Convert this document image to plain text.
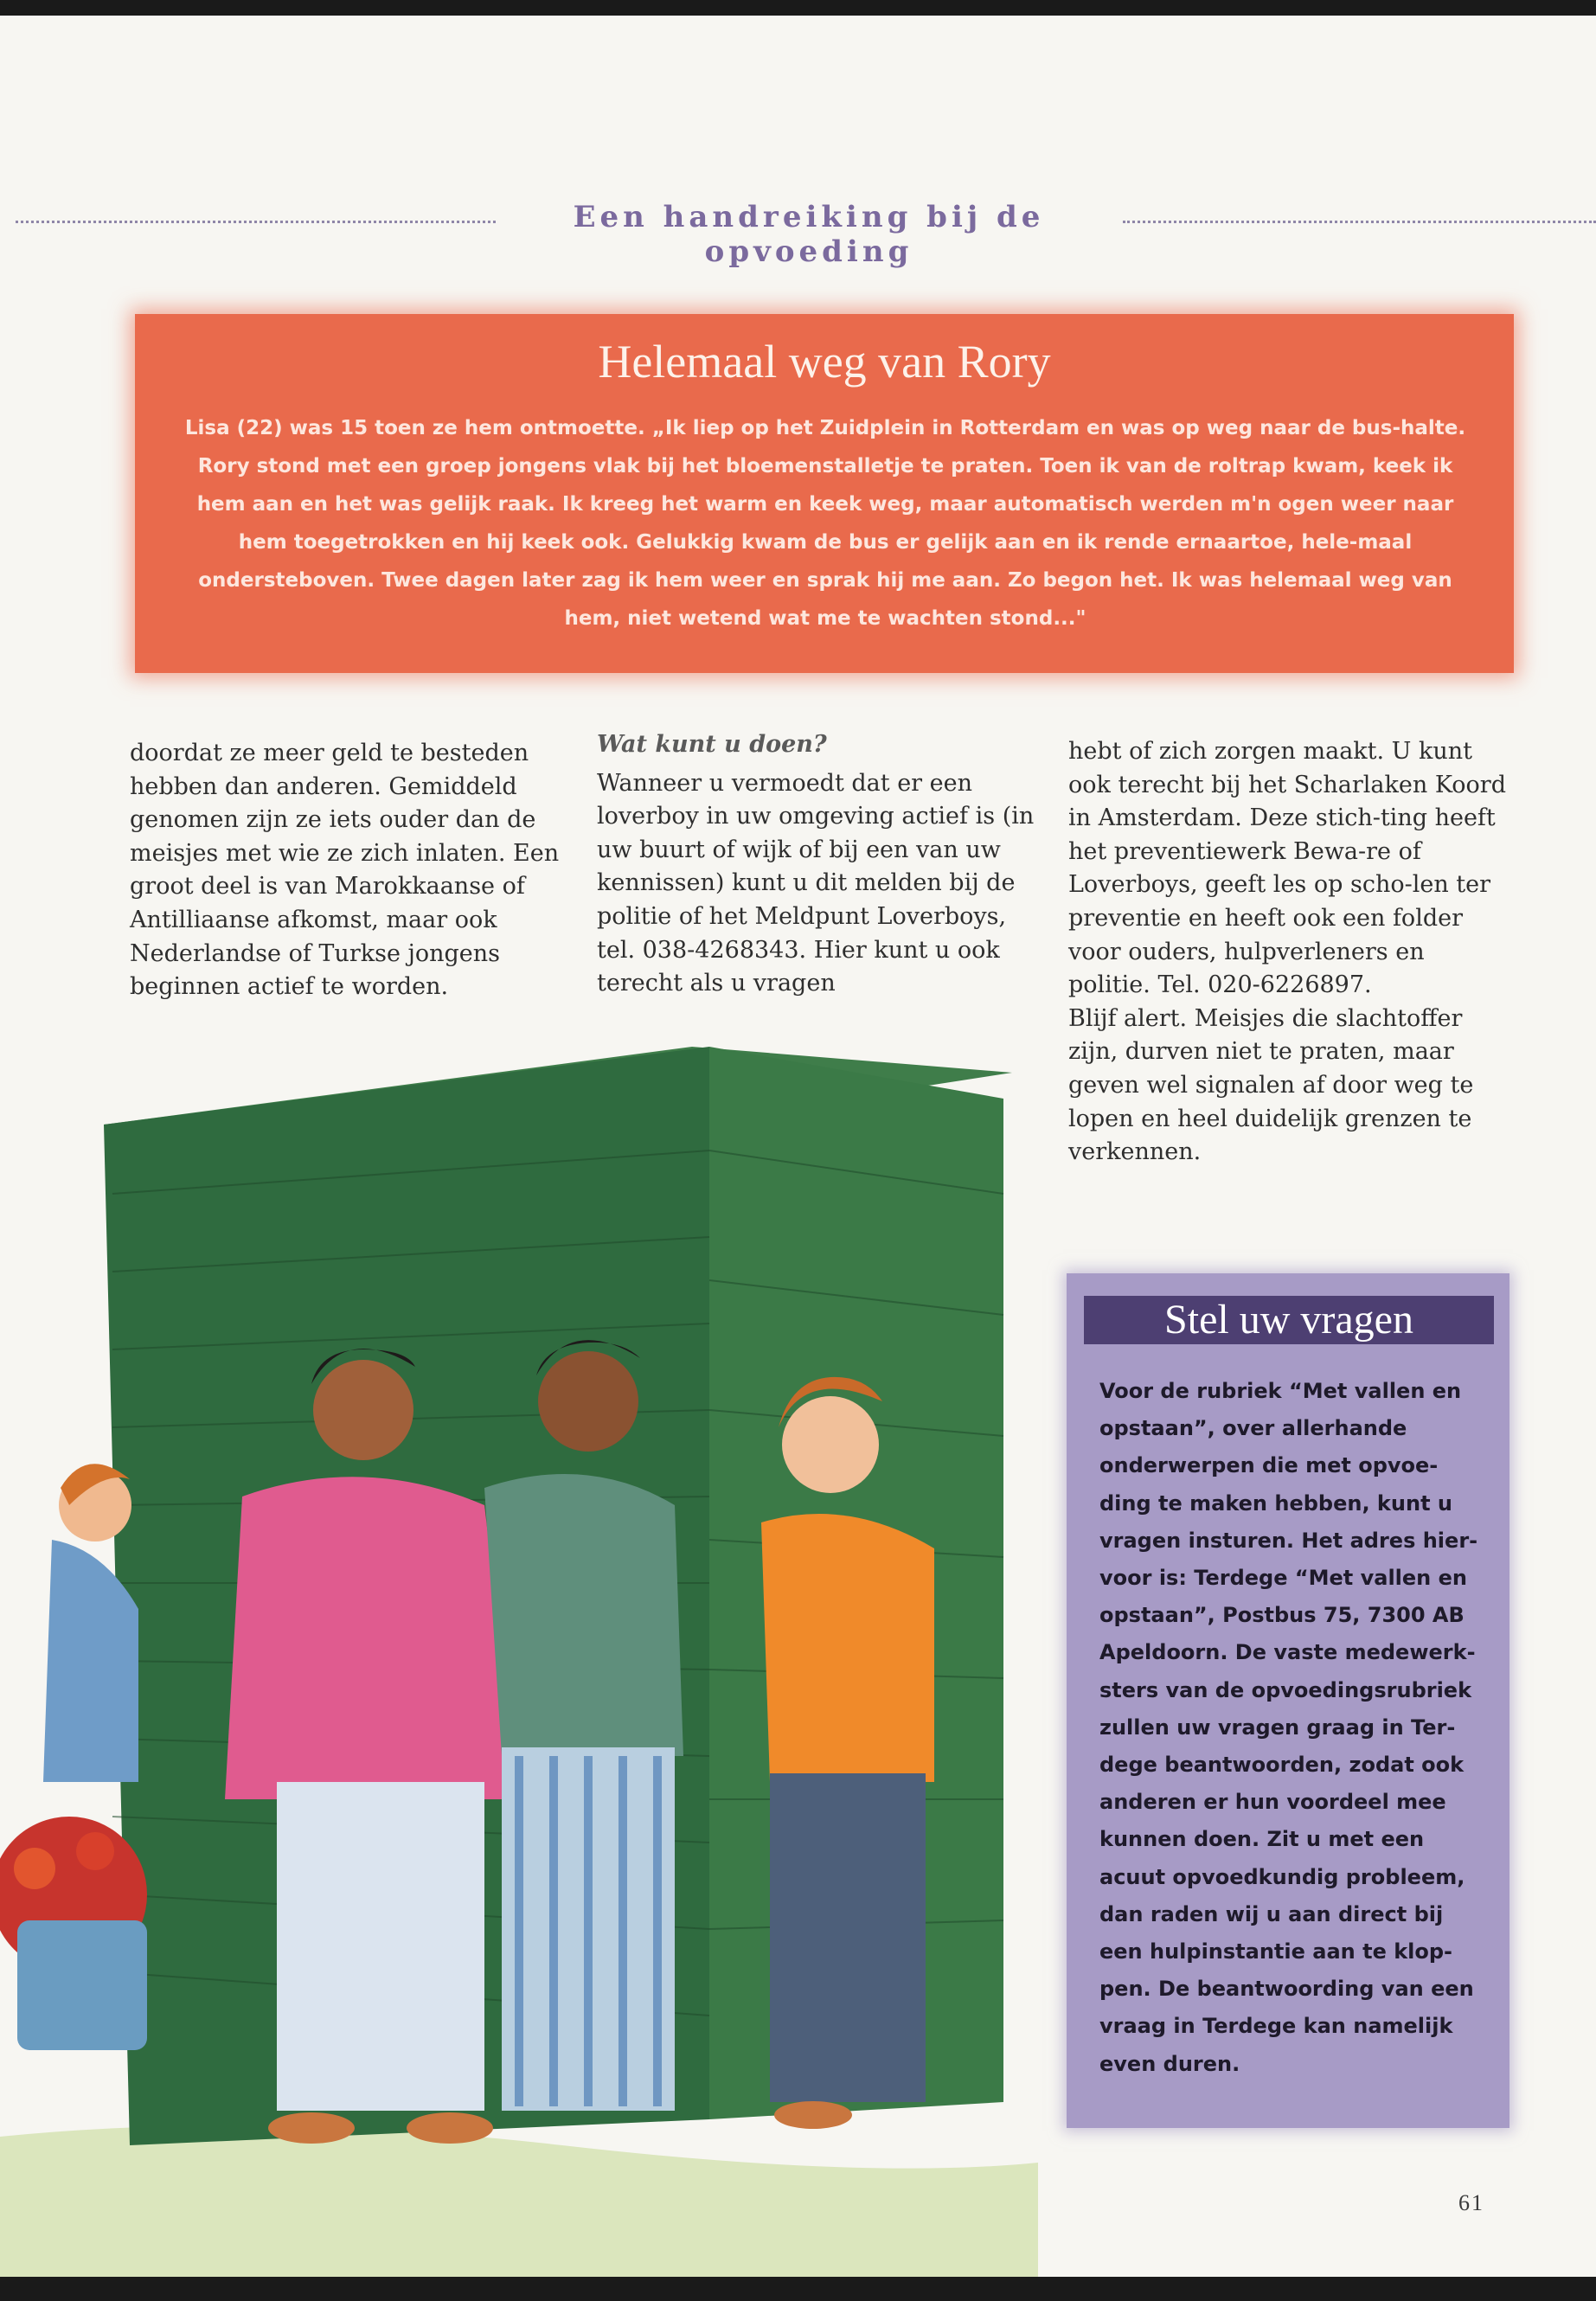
Een handreiking bij de opvoeding
Helemaal weg van Rory
Lisa (22) was 15 toen ze hem ontmoette. „Ik liep op het Zuidplein in Rotterdam en was op weg naar de bus-halte. Rory stond met een groep jongens vlak bij het bloemenstalletje te praten. Toen ik van de roltrap kwam, keek ik hem aan en het was gelijk raak. Ik kreeg het warm en keek weg, maar automatisch werden m'n ogen weer naar hem toegetrokken en hij keek ook. Gelukkig kwam de bus er gelijk aan en ik rende ernaartoe, hele-maal ondersteboven. Twee dagen later zag ik hem weer en sprak hij me aan. Zo begon het. Ik was helemaal weg van hem, niet wetend wat me te wachten stond..."

doordat ze meer geld te besteden hebben dan anderen. Gemiddeld genomen zijn ze iets ouder dan de meisjes met wie ze zich inlaten. Een groot deel is van Marokkaanse of Antilliaanse afkomst, maar ook Nederlandse of Turkse jongens beginnen actief te worden.

Wat kunt u doen?

Wanneer u vermoedt dat er een loverboy in uw omgeving actief is (in uw buurt of wijk of bij een van uw kennissen) kunt u dit melden bij de politie of het Meldpunt Loverboys, tel. 038-4268343. Hier kunt u ook terecht als u vragen

hebt of zich zorgen maakt. U kunt ook terecht bij het Scharlaken Koord in Amsterdam. Deze stich-ting heeft het preventiewerk Bewa-re of Loverboys, geeft les op scho-len ter preventie en heeft ook een folder voor ouders, hulpverleners en politie. Tel. 020-6226897.

Blijf alert. Meisjes die slachtoffer zijn, durven niet te praten, maar geven wel signalen af door weg te lopen en heel duidelijk grenzen te verkennen.

Stel uw vragen
Voor de rubriek “Met vallen en opstaan”, over allerhande onderwerpen die met opvoe-ding te maken hebben, kunt u vragen insturen. Het adres hier-voor is: Terdege “Met vallen en opstaan”, Postbus 75, 7300 AB Apeldoorn. De vaste medewerk-sters van de opvoedingsrubriek zullen uw vragen graag in Ter-dege beantwoorden, zodat ook anderen er hun voordeel mee kunnen doen. Zit u met een acuut opvoedkundig probleem, dan raden wij u aan direct bij een hulpinstantie aan te klop-pen. De beantwoording van een vraag in Terdege kan namelijk even duren.
61
